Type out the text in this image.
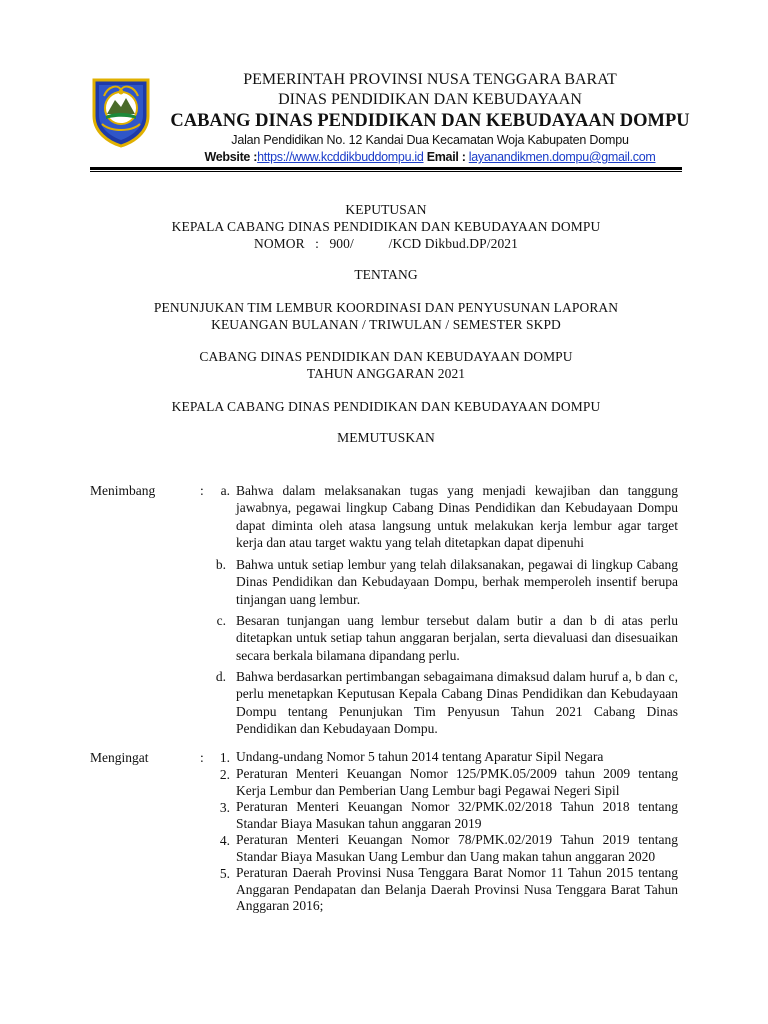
PEMERINTAH PROVINSI NUSA TENGGARA BARAT
DINAS PENDIDIKAN DAN KEBUDAYAAN
CABANG DINAS PENDIDIKAN DAN KEBUDAYAAN DOMPU
Jalan Pendidikan No. 12 Kandai Dua Kecamatan Woja Kabupaten Dompu
Website :https://www.kcddikbuddompu.id Email : layanandikmen.dompu@gmail.com
KEPUTUSAN
KEPALA CABANG DINAS PENDIDIKAN DAN KEBUDAYAAN DOMPU
NOMOR   :   900/          /KCD Dikbud.DP/2021
TENTANG
PENUNJUKAN TIM LEMBUR KOORDINASI DAN PENYUSUNAN LAPORAN
KEUANGAN BULANAN / TRIWULAN / SEMESTER SKPD
CABANG DINAS PENDIDIKAN DAN KEBUDAYAAN DOMPU
TAHUN ANGGARAN 2021
KEPALA CABANG DINAS PENDIDIKAN DAN KEBUDAYAAN DOMPU
MEMUTUSKAN
Menimbang	:	a. Bahwa dalam melaksanakan tugas yang menjadi kewajiban dan tanggung jawabnya, pegawai lingkup Cabang Dinas Pendidikan dan Kebudayaan Dompu dapat diminta oleh atasa langsung untuk melakukan kerja lembur agar target kerja dan atau target waktu yang telah ditetapkan dapat dipenuhi
b. Bahwa untuk setiap lembur yang telah dilaksanakan, pegawai di lingkup Cabang Dinas Pendidikan dan Kebudayaan Dompu, berhak memperoleh insentif berupa tinjangan uang lembur.
c. Besaran tunjangan uang lembur tersebut dalam butir a dan b di atas perlu ditetapkan untuk setiap tahun anggaran berjalan, serta dievaluasi dan disesuaikan secara berkala bilamana dipandang perlu.
d. Bahwa berdasarkan pertimbangan sebagaimana dimaksud dalam huruf a, b dan c, perlu menetapkan Keputusan Kepala Cabang Dinas Pendidikan dan Kebudayaan Dompu tentang Penunjukan Tim Penyusun Tahun 2021 Cabang Dinas Pendidikan dan Kebudayaan Dompu.
Mengingat	:	1. Undang-undang Nomor 5 tahun 2014 tentang Aparatur Sipil Negara
2. Peraturan Menteri Keuangan Nomor 125/PMK.05/2009 tahun 2009 tentang Kerja Lembur dan Pemberian Uang Lembur bagi Pegawai Negeri Sipil
3. Peraturan Menteri Keuangan Nomor 32/PMK.02/2018 Tahun 2018 tentang Standar Biaya Masukan tahun anggaran 2019
4. Peraturan Menteri Keuangan Nomor 78/PMK.02/2019 Tahun 2019 tentang Standar Biaya Masukan Uang Lembur dan Uang makan tahun anggaran 2020
5. Peraturan Daerah Provinsi Nusa Tenggara Barat Nomor 11 Tahun 2015 tentang Anggaran Pendapatan dan Belanja Daerah Provinsi Nusa Tenggara Barat Tahun Anggaran 2016;
